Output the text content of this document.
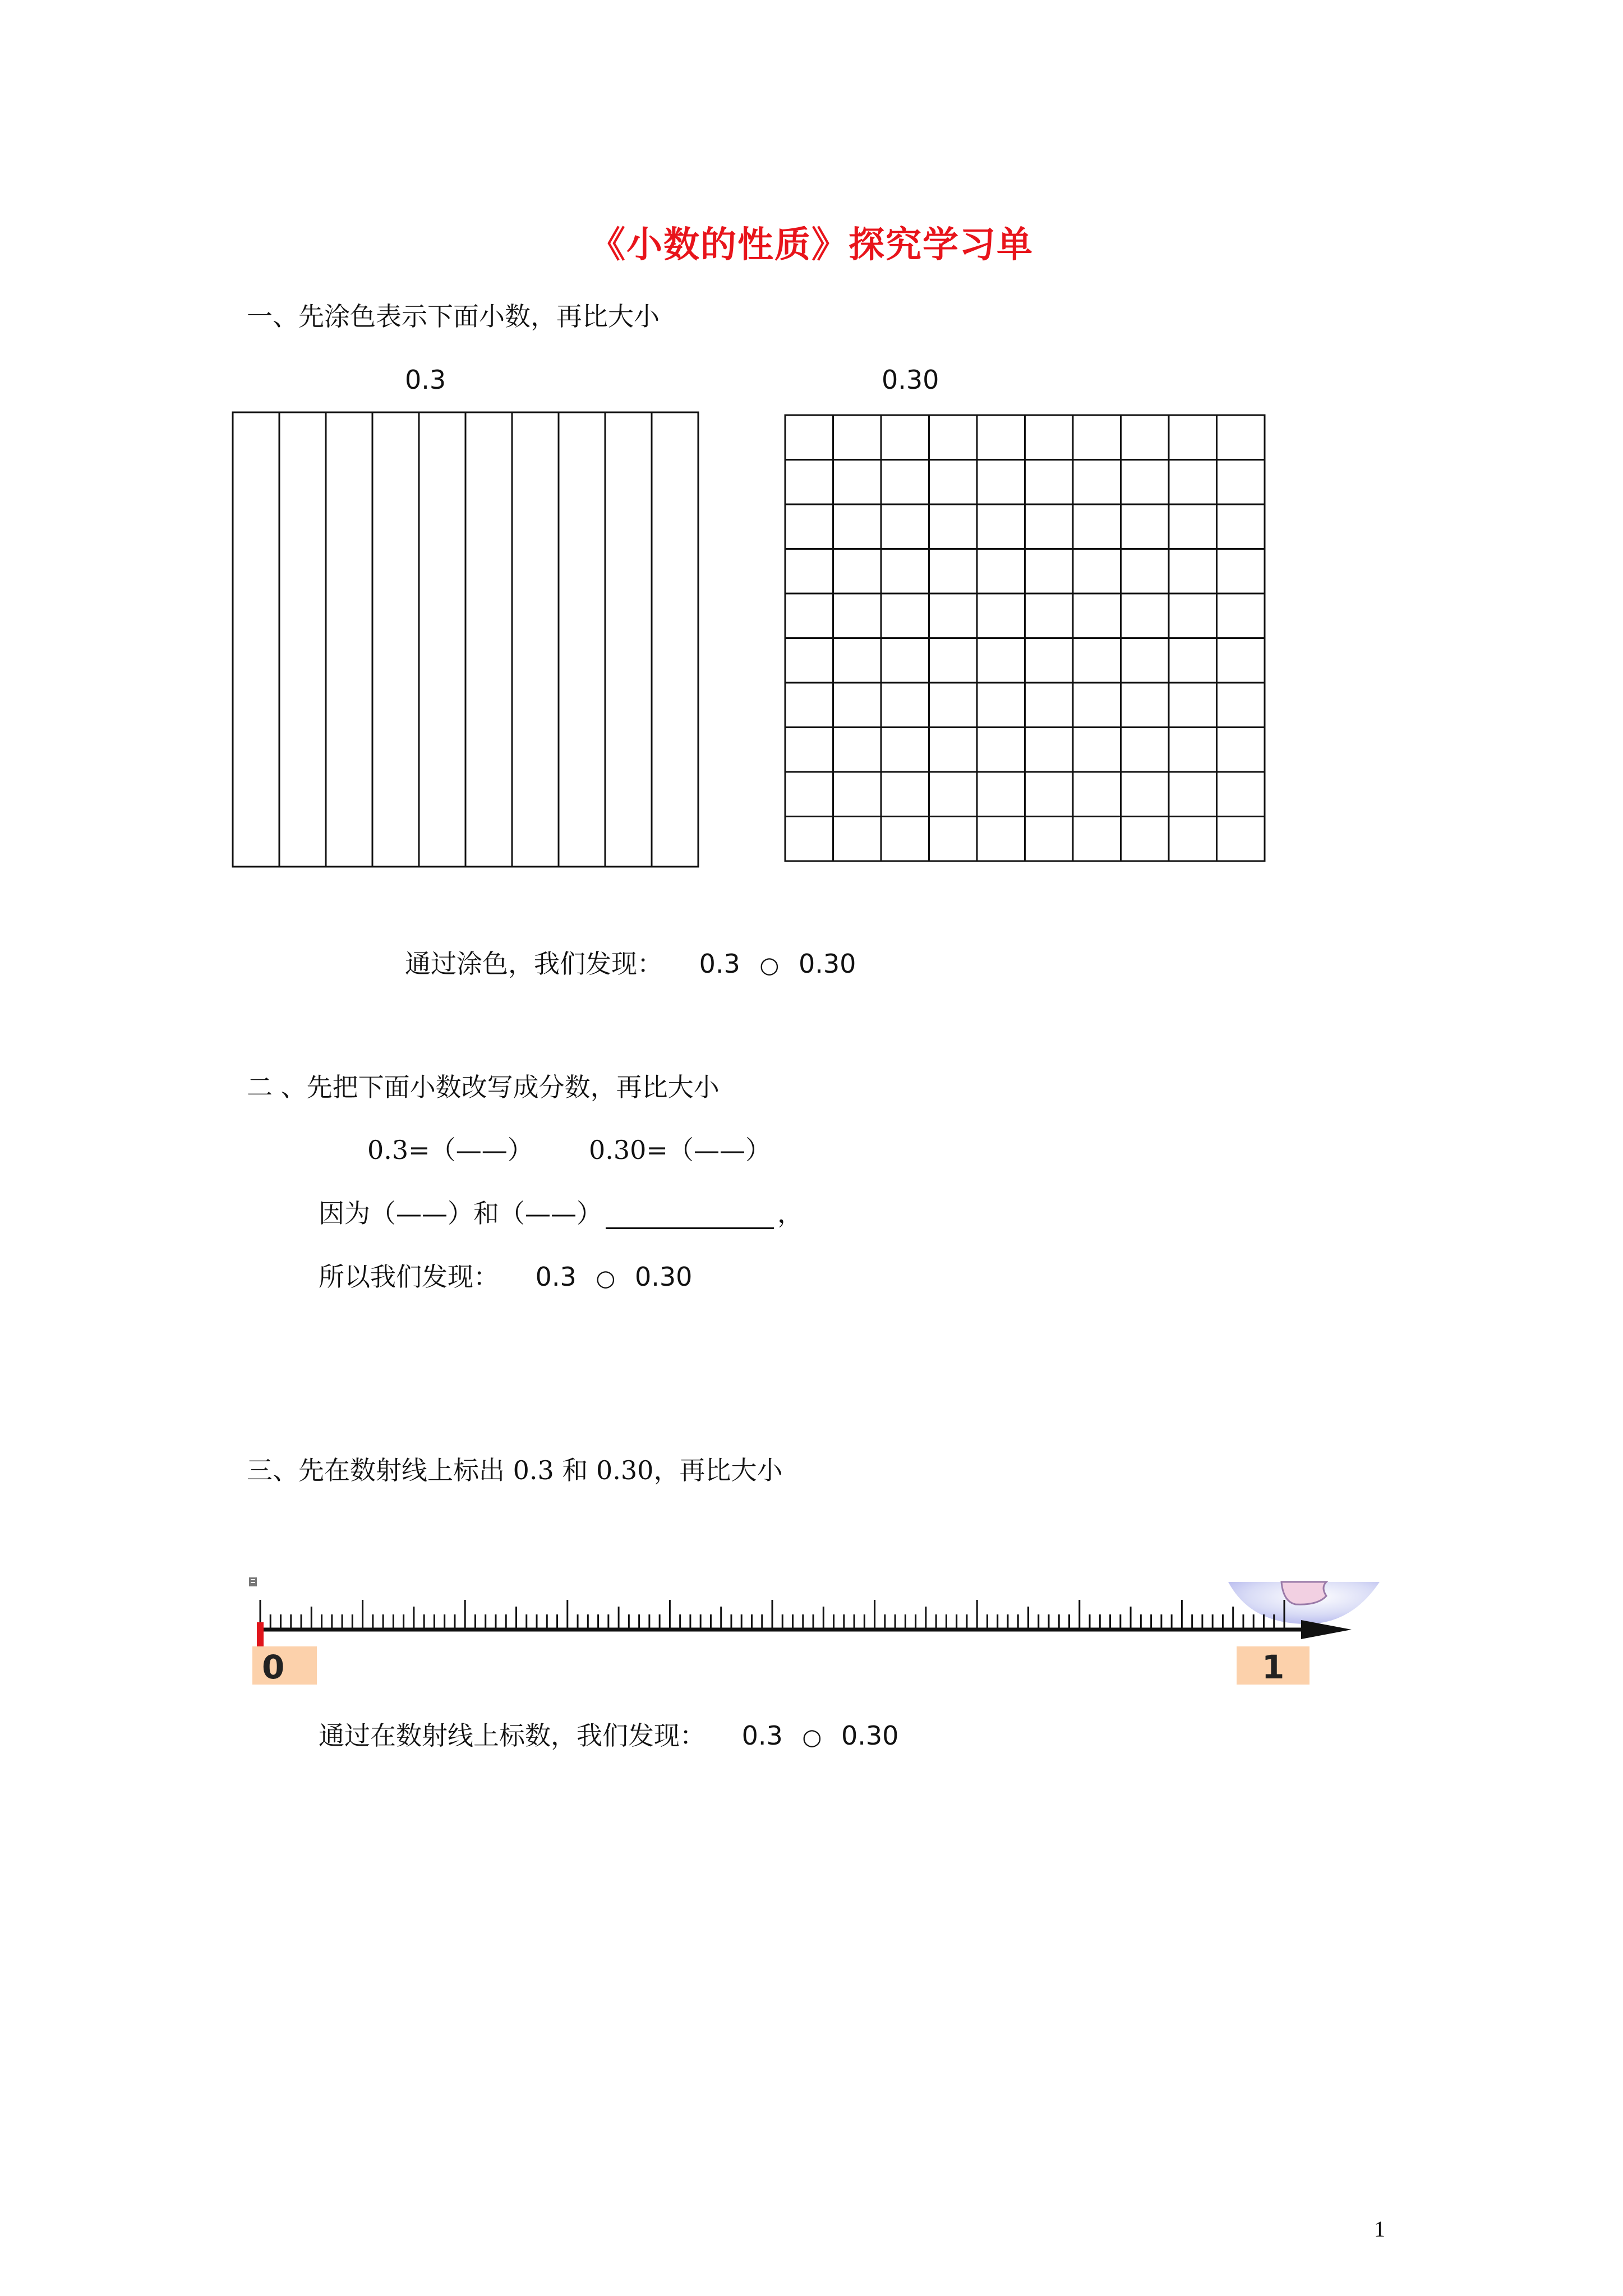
《小数的性质》探究学习单
一、先涂色表示下面小数，再比大小
0.3	0.30
通过涂色，我们发现： 0.3 ○ 0.30
二 、先把下面小数改写成分数，再比大小
0.3=（——） 0.30=（——）
因为（——）和（——）	，
所以我们发现： 0.3 ○ 0.30
三、先在数射线上标出 0.3 和 0.30，再比大小
0	1
通过在数射线上标数，我们发现： 0.3 ○ 0.30
1
